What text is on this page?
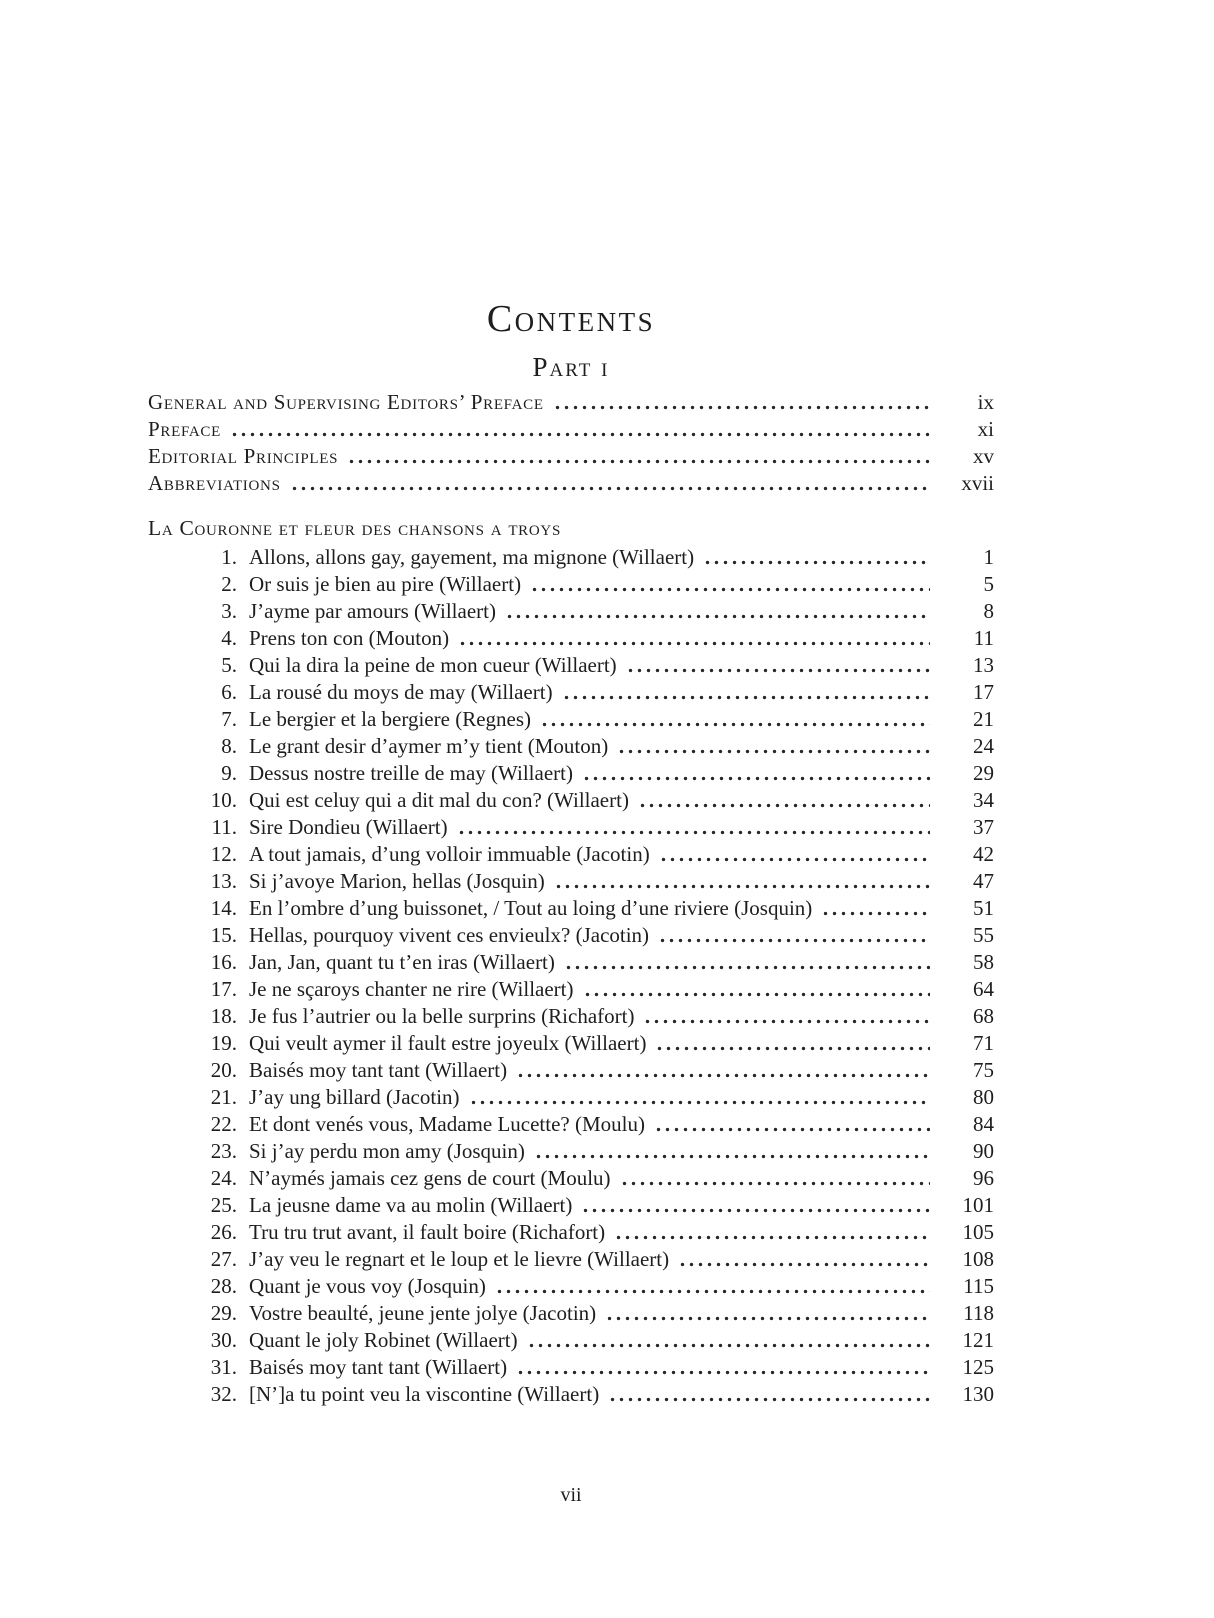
Contents
Part i
General and Supervising Editors’ Preface	ix
Preface	xi
Editorial Principles	xv
Abbreviations	xvii
La Couronne et fleur des chansons a troys
1. Allons, allons gay, gayement, ma mignone (Willaert)	1
2. Or suis je bien au pire (Willaert)	5
3. J’ayme par amours (Willaert)	8
4. Prens ton con (Mouton)	11
5. Qui la dira la peine de mon cueur (Willaert)	13
6. La rousé du moys de may (Willaert)	17
7. Le bergier et la bergiere (Regnes)	21
8. Le grant desir d’aymer m’y tient (Mouton)	24
9. Dessus nostre treille de may (Willaert)	29
10. Qui est celuy qui a dit mal du con? (Willaert)	34
11. Sire Dondieu (Willaert)	37
12. A tout jamais, d’ung volloir immuable (Jacotin)	42
13. Si j’avoye Marion, hellas (Josquin)	47
14. En l’ombre d’ung buissonet, / Tout au loing d’une riviere (Josquin)	51
15. Hellas, pourquoy vivent ces envieulx? (Jacotin)	55
16. Jan, Jan, quant tu t’en iras (Willaert)	58
17. Je ne sçaroys chanter ne rire (Willaert)	64
18. Je fus l’autrier ou la belle surprins (Richafort)	68
19. Qui veult aymer il fault estre joyeulx (Willaert)	71
20. Baisés moy tant tant (Willaert)	75
21. J’ay ung billard (Jacotin)	80
22. Et dont venés vous, Madame Lucette? (Moulu)	84
23. Si j’ay perdu mon amy (Josquin)	90
24. N’aymés jamais cez gens de court (Moulu)	96
25. La jeusne dame va au molin (Willaert)	101
26. Tru tru trut avant, il fault boire (Richafort)	105
27. J’ay veu le regnart et le loup et le lievre (Willaert)	108
28. Quant je vous voy (Josquin)	115
29. Vostre beaulté, jeune jente jolye (Jacotin)	118
30. Quant le joly Robinet (Willaert)	121
31. Baisés moy tant tant (Willaert)	125
32. [N’]a tu point veu la viscontine (Willaert)	130
vii
